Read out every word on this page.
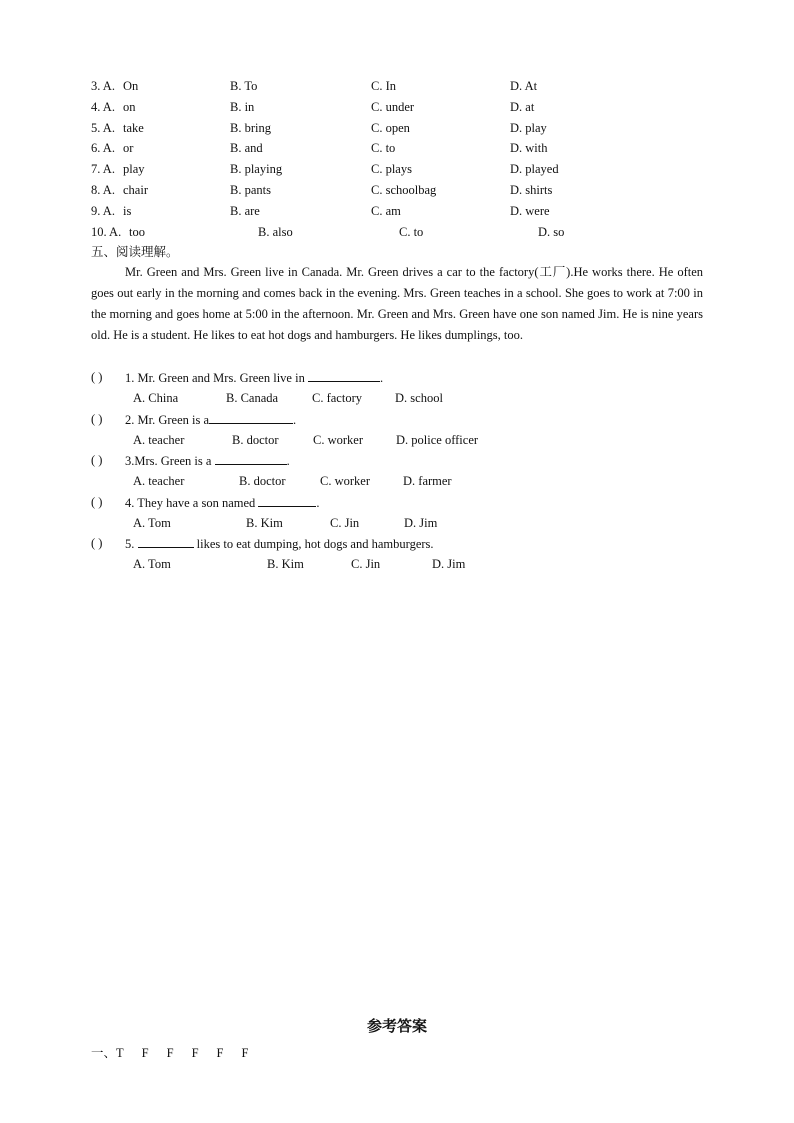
3. A. On	B. To	C. In	D. At
4. A. on	B. in	C. under	D. at
5. A. take	B. bring	C. open	D. play
6. A. or	B. and	C. to	D. with
7. A. play	B. playing	C. plays	D. played
8. A. chair	B. pants	C. schoolbag	D. shirts
9. A. is	B. are	C. am	D. were
10. A. too	B. also	C. to	D. so
五、阅读理解。
Mr. Green and Mrs. Green live in Canada. Mr. Green drives a car to the factory(工厂).He works there. He often goes out early in the morning and comes back in the evening. Mrs. Green teaches in a school. She goes to work at 7:00 in the morning and goes home at 5:00 in the afternoon. Mr. Green and Mrs. Green have one son named Jim. He is nine years old. He is a student. He likes to eat hot dogs and hamburgers. He likes dumplings, too.
( ) 1. Mr. Green and Mrs. Green live in	.
A. China	B. Canada	C. factory	D. school
( ) 2. Mr. Green is a	.
A. teacher	B. doctor	C. worker	D. police officer
( ) 3.Mrs. Green is a	.
A. teacher	B. doctor	C. worker	D. farmer
( ) 4. They have a son named	.
A. Tom	B. Kim	C. Jin	D. Jim
( ) 5.	likes to eat dumping, hot dogs and hamburgers.
A. Tom	B. Kim	C. Jin	D. Jim
参考答案
一、T F F F F F
